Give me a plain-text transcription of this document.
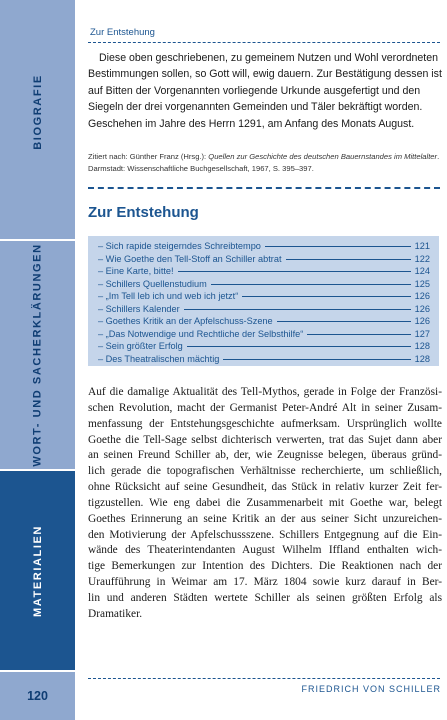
BIOGRAFIE
WORT- UND SACHERKLÄRUNGEN
MATERIALIEN
120
Zur Entstehung

Diese oben geschriebenen, zu gemeinem Nutzen und Wohl verordneten Bestimmungen sollen, so Gott will, ewig dauern. Zur Bestätigung dessen ist auf Bitten der Vorgenannten vorliegende Urkunde ausgefertigt und den Siegeln der drei vorgenannten Gemeinden und Täler bekräftigt worden. Geschehen im Jahre des Herrn 1291, am Anfang des Monats August.

Zitiert nach: Günther Franz (Hrsg.): Quellen zur Geschichte des deutschen Bauernstandes im Mittelalter. Darmstadt: Wissenschaftliche Buchgesellschaft, 1967, S. 395–397.
Zur Entstehung
– Sich rapide steigerndes Schreibtempo	121
– Wie Goethe den Tell-Stoff an Schiller abtrat	122
– Eine Karte, bitte!	124
– Schillers Quellenstudium	125
– „Im Tell leb ich und web ich jetzt“	126
– Schillers Kalender	126
– Goethes Kritik an der Apfelschuss-Szene	126
– „Das Notwendige und Rechtliche der Selbsthilfe“	127
– Sein größter Erfolg	128
– Des Theatralischen mächtig	128
Auf die damalige Aktualität des Tell-Mythos, gerade in Folge der Französi-
schen Revolution, macht der Germanist Peter-André Alt in seiner Zusam-
menfassung der Entstehungsgeschichte aufmerksam. Ursprünglich wollte
Goethe die Tell-Sage selbst dichterisch verwerten, trat das Sujet dann aber
an seinen Freund Schiller ab, der, wie Zeugnisse belegen, überaus gründ-
lich gerade die topografischen Verhältnisse recherchierte, um schließlich,
ohne Rücksicht auf seine Gesundheit, das Stück in relativ kurzer Zeit fer-
tigzustellen. Wie eng dabei die Zusammenarbeit mit Goethe war, belegt
Goethes Erinnerung an seine Kritik an der aus seiner Sicht unzureichen-
den Motivierung der Apfelschussszene. Schillers Entgegnung auf die Ein-
wände des Theaterintendanten August Wilhelm Iffland enthalten wich-
tige Bemerkungen zur Intention des Dichters. Die Reaktionen nach der
Uraufführung in Weimar am 17. März 1804 sowie kurz darauf in Ber-
lin und anderen Städten wertete Schiller als seinen größten Erfolg als
Dramatiker.
FRIEDRICH VON SCHILLER
